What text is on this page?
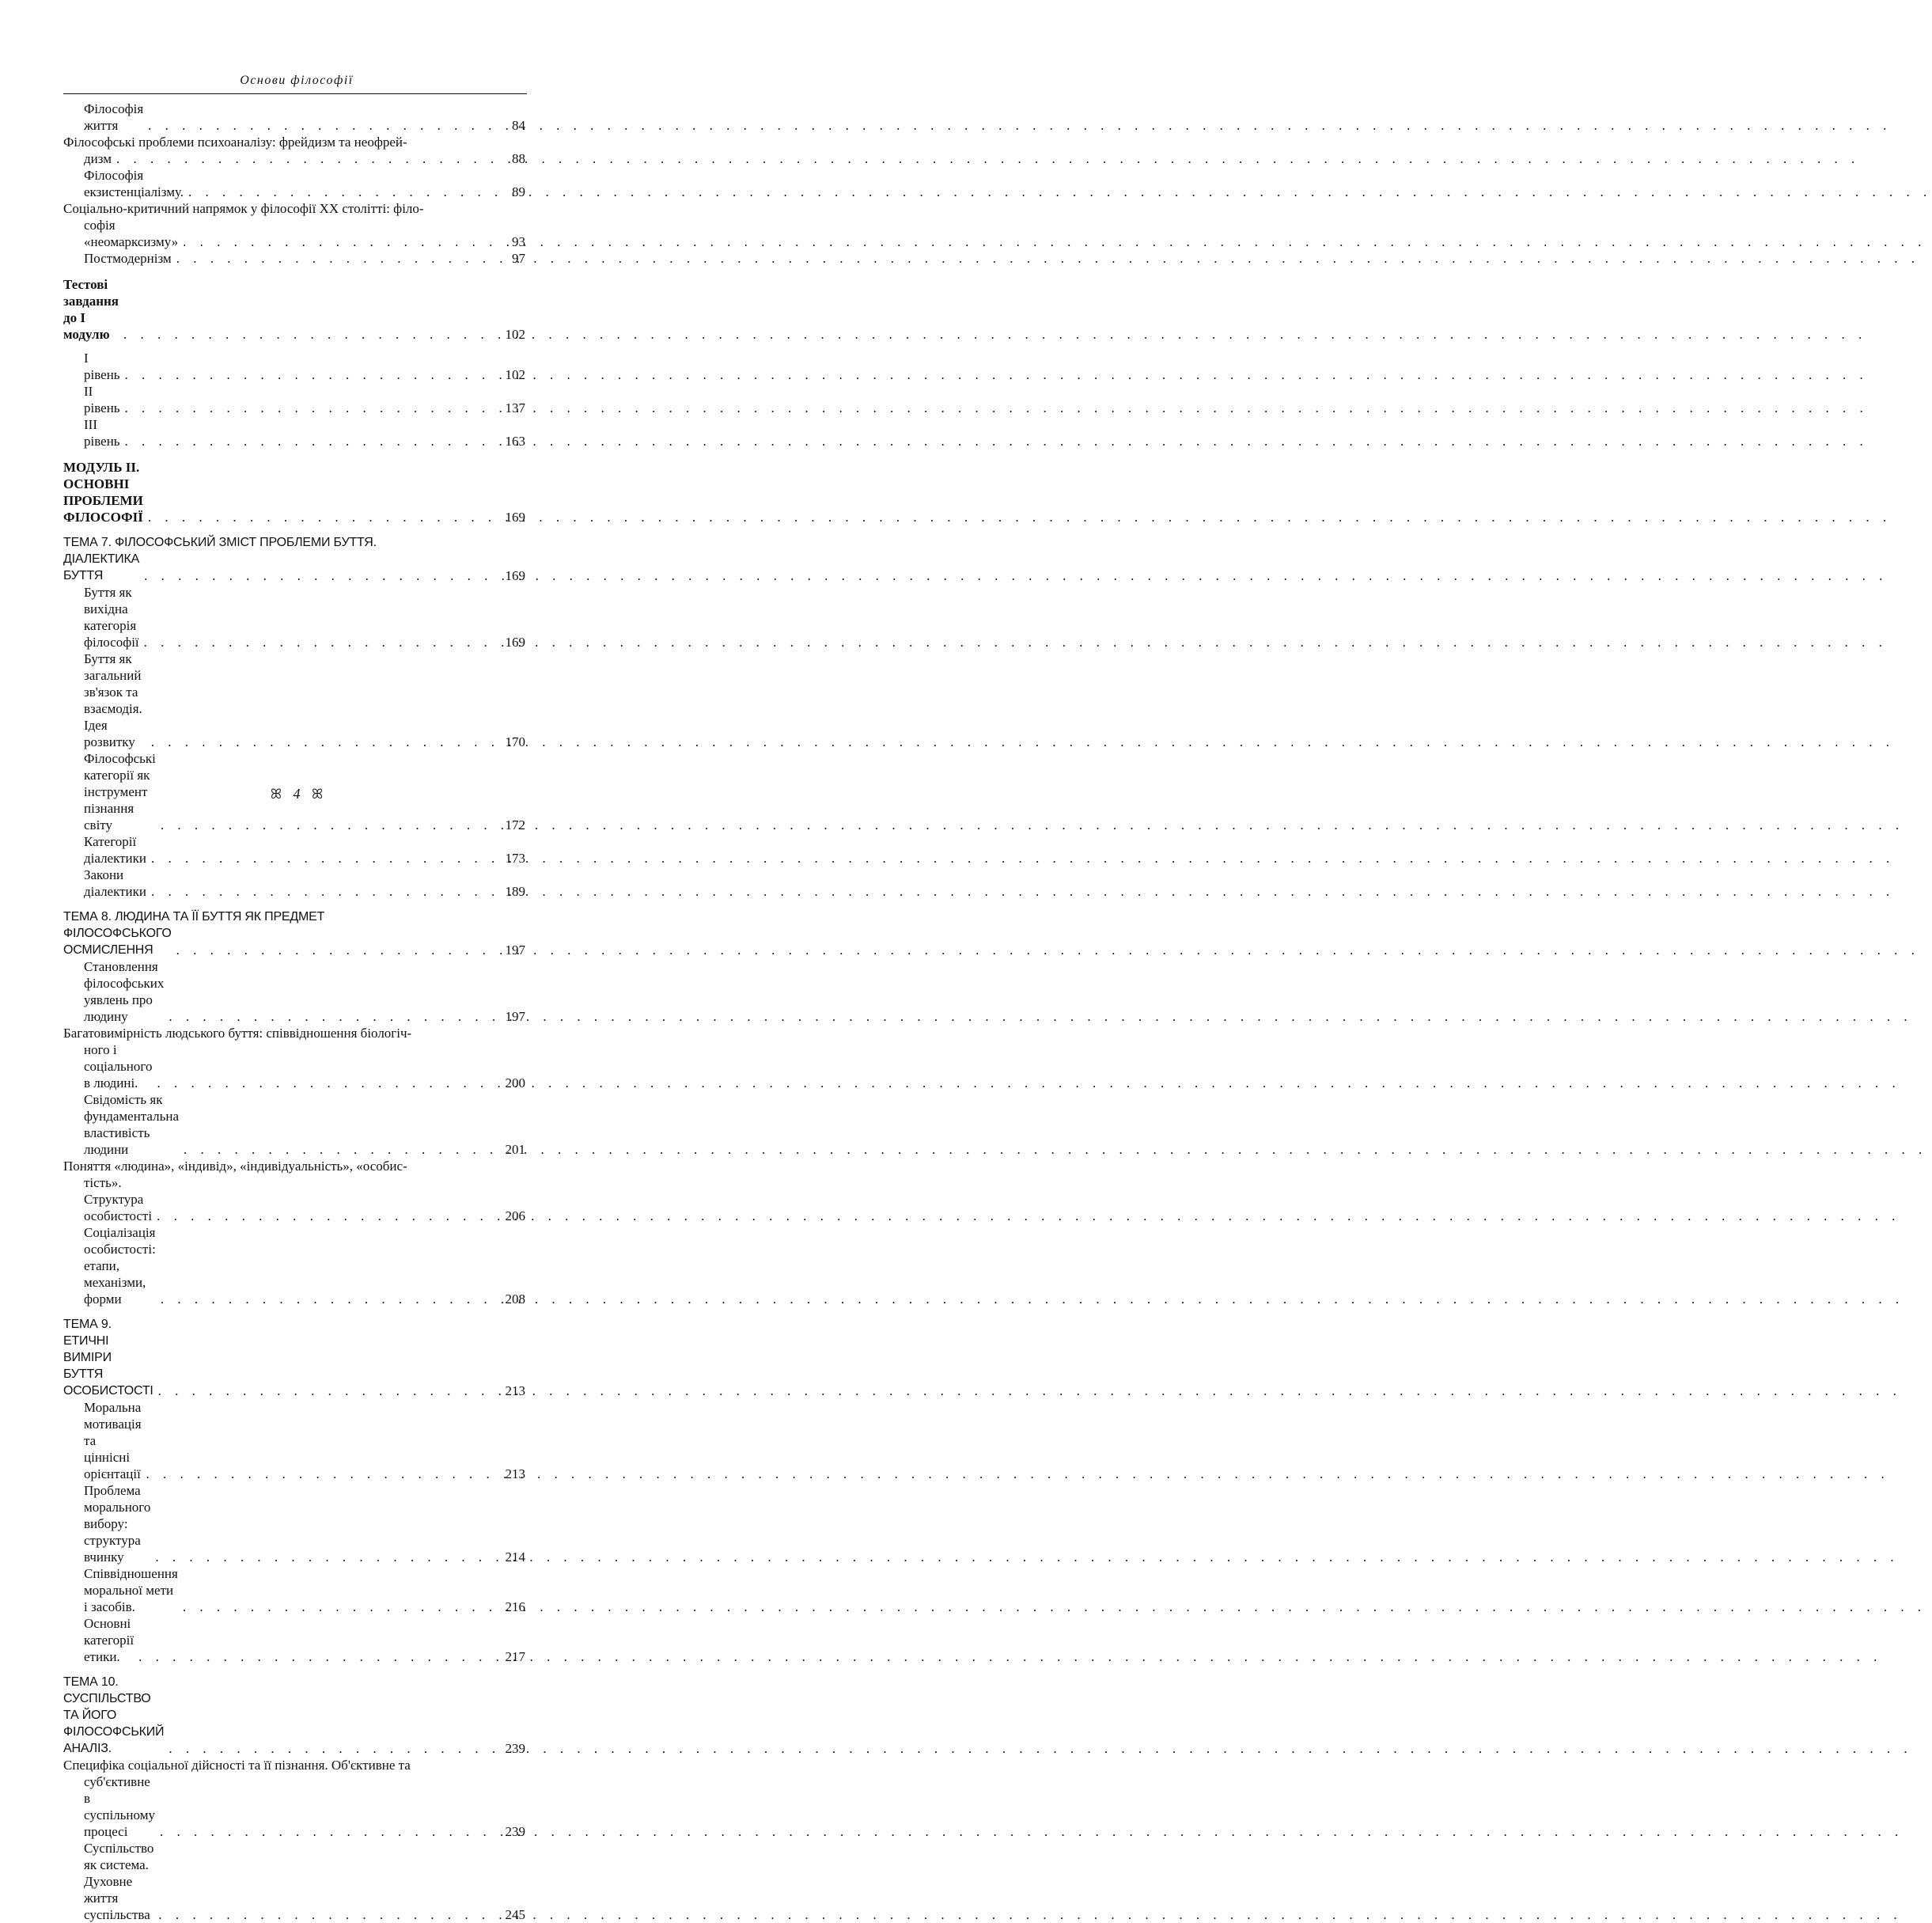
Основи філософії
Філософія життя . . .	84
Філософські проблеми психоаналізу: фрейдизм та неофрей-
дизм . . .	88
Філософія екзистенціалізму. . . .	89
Соціально-критичний напрямок у філософії ХХ столітті: філо-
софія «неомарксизму» . . .	93
Постмодернізм . . .	97
Тестові завдання до І модулю . . .	102
І рівень . . .	102
ІІ рівень . . .	137
ІІІ рівень . . .	163
МОДУЛЬ ІІ. ОСНОВНІ ПРОБЛЕМИ ФІЛОСОФІЇ . . .	169
ТЕМА 7. ФІЛОСОФСЬКИЙ ЗМІСТ ПРОБЛЕМИ БУТТЯ.
ДІАЛЕКТИКА БУТТЯ . . .	169
Буття як вихідна категорія філософії . . .	169
Буття як загальний зв'язок та взаємодія. Ідея розвитку . . .	170
Філософські категорії як інструмент пізнання світу . . .	172
Категорії діалектики . . .	173
Закони діалектики . . .	189
ТЕМА 8. ЛЮДИНА ТА ЇЇ БУТТЯ ЯК ПРЕДМЕТ
ФІЛОСОФСЬКОГО ОСМИСЛЕННЯ . . .	197
Становлення філософських уявлень про людину . . .	197
Багатовимірність людського буття: співвідношення біологіч-
ного і соціального в людині. . . .	200
Свідомість як фундаментальна властивість людини . . .	201
Поняття «людина», «індивід», «індивідуальність», «особис-
тість». Структура особистості . . .	206
Соціалізація особистості: етапи, механізми, форми . . .	208
ТЕМА 9. ЕТИЧНІ ВИМІРИ БУТТЯ ОСОБИСТОСТІ . . .	213
Моральна мотивація та ціннісні орієнтації . . .	213
Проблема морального вибору: структура вчинку . . .	214
Співвідношення моральної мети і засобів. . . .	216
Основні категорії етики. . . .	217
ТЕМА 10. СУСПІЛЬСТВО ТА ЙОГО ФІЛОСОФСЬКИЙ АНАЛІЗ. . . .	239
Специфіка соціальної дійсності та її пізнання. Об'єктивне та
суб'єктивне в суспільному процесі . . .	239
Суспільство як система. Духовне життя суспільства . . .	245
ꕤ 4 ꕤ
